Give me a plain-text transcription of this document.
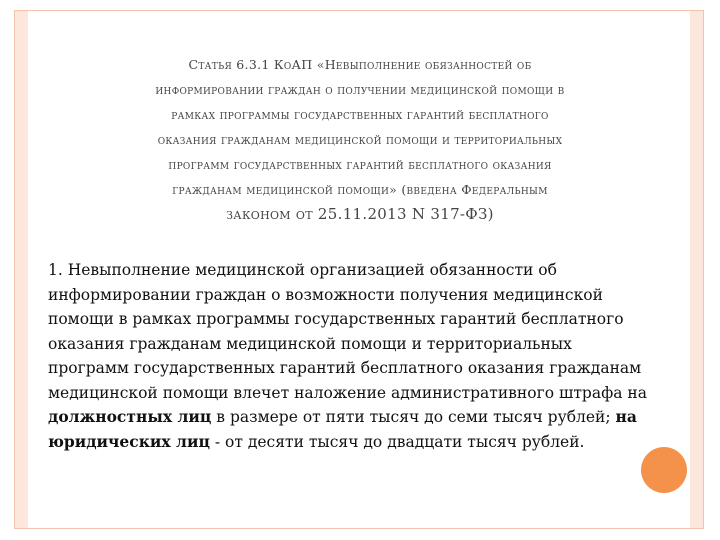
Статья 6.3.1 КоАП «Невыполнение обязанностей об
информировании граждан о получении медицинской помощи в
рамках программы государственных гарантий бесплатного
оказания гражданам медицинской помощи и территориальных
программ государственных гарантий бесплатного оказания
гражданам медицинской помощи» (введена Федеральным
законом от 25.11.2013 N 317-ФЗ)
1. Невыполнение медицинской организацией обязанности об информировании граждан о возможности получения медицинской помощи в рамках программы государственных гарантий бесплатного оказания гражданам медицинской помощи и территориальных программ государственных гарантий бесплатного оказания гражданам медицинской помощи влечет наложение административного штрафа на должностных лиц в размере от пяти тысяч до семи тысяч рублей; на юридических лиц - от десяти тысяч до двадцати тысяч рублей.
